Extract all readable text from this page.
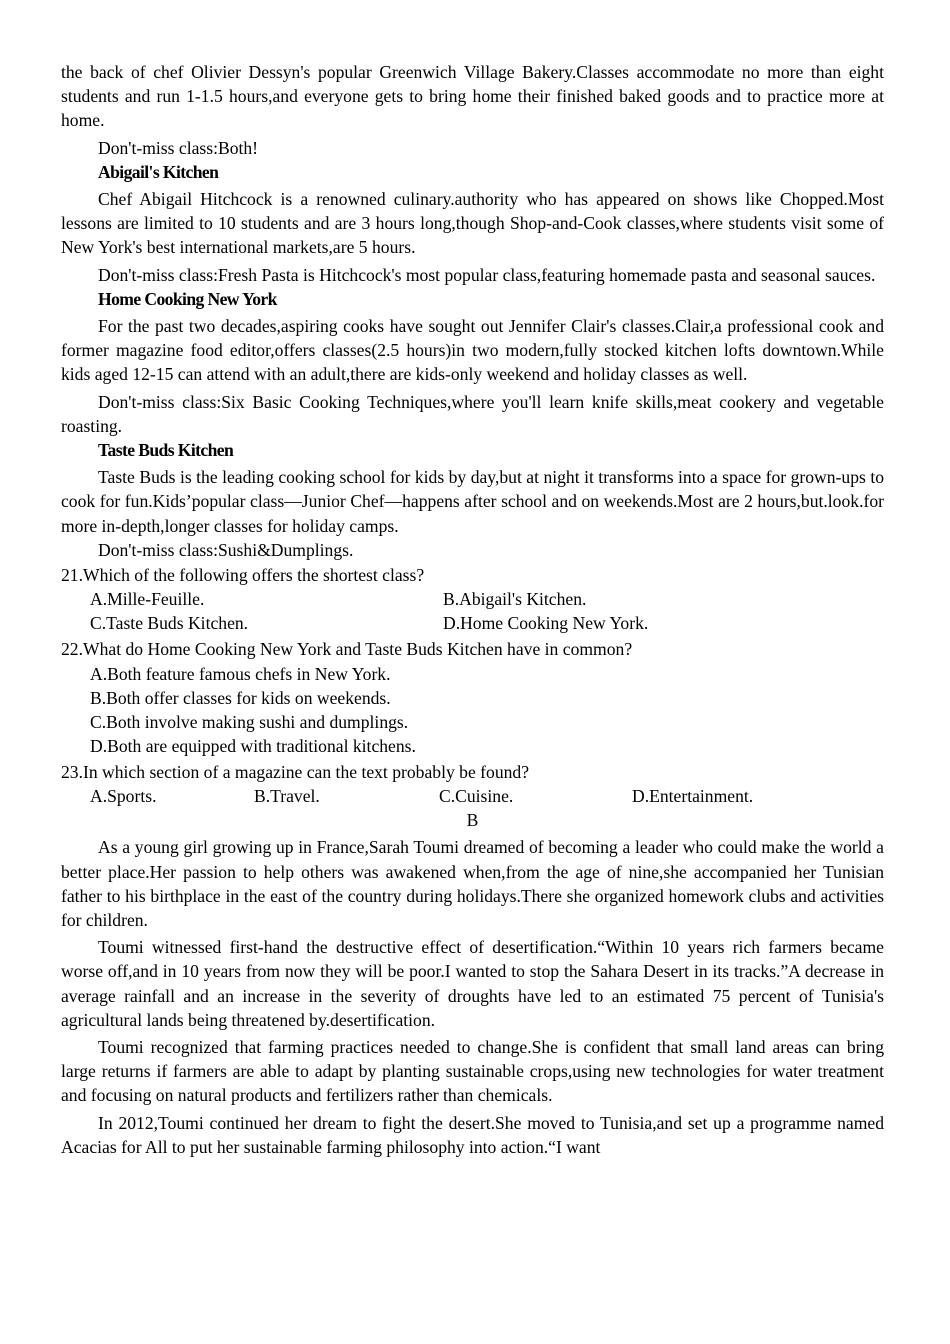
the back of chef Olivier Dessyn's popular Greenwich Village Bakery.Classes accommodate no more than eight students and run 1-1.5 hours,and everyone gets to bring home their finished baked goods and to practice more at home.

Don't-miss class:Both!

Abigail's Kitchen

Chef Abigail Hitchcock is a renowned culinary.authority who has appeared on shows like Chopped.Most lessons are limited to 10 students and are 3 hours long,though Shop-and-Cook classes,where students visit some of New York's best international markets,are 5 hours.

Don't-miss class:Fresh Pasta is Hitchcock's most popular class,featuring homemade pasta and seasonal sauces.

Home Cooking New York

For the past two decades,aspiring cooks have sought out Jennifer Clair's classes.Clair,a professional cook and former magazine food editor,offers classes(2.5 hours)in two modern,fully stocked kitchen lofts downtown.While kids aged 12-15 can attend with an adult,there are kids-only weekend and holiday classes as well.

Don't-miss class:Six Basic Cooking Techniques,where you'll learn knife skills,meat cookery and vegetable roasting.

Taste Buds Kitchen

Taste Buds is the leading cooking school for kids by day,but at night it transforms into a space for grown-ups to cook for fun.Kids’popular class—Junior Chef—happens after school and on weekends.Most are 2 hours,but.look.for more in-depth,longer classes for holiday camps.

Don't-miss class:Sushi&Dumplings.

21.Which of the following offers the shortest class?

A.Mille-Feuille.	B.Abigail's Kitchen.
C.Taste Buds Kitchen.	D.Home Cooking New York.

22.What do Home Cooking New York and Taste Buds Kitchen have in common?

A.Both feature famous chefs in New York.

B.Both offer classes for kids on weekends.

C.Both involve making sushi and dumplings.

D.Both are equipped with traditional kitchens.

23.In which section of a magazine can the text probably be found?

A.Sports.	B.Travel.	C.Cuisine.	D.Entertainment.

B

As a young girl growing up in France,Sarah Toumi dreamed of becoming a leader who could make the world a better place.Her passion to help others was awakened when,from the age of nine,she accompanied her Tunisian father to his birthplace in the east of the country during holidays.There she organized homework clubs and activities for children.

Toumi witnessed first-hand the destructive effect of desertification.“Within 10 years rich farmers became worse off,and in 10 years from now they will be poor.I wanted to stop the Sahara Desert in its tracks.”A decrease in average rainfall and an increase in the severity of droughts have led to an estimated 75 percent of Tunisia's agricultural lands being threatened by.desertification.

Toumi recognized that farming practices needed to change.She is confident that small land areas can bring large returns if farmers are able to adapt by planting sustainable crops,using new technologies for water treatment and focusing on natural products and fertilizers rather than chemicals.

In 2012,Toumi continued her dream to fight the desert.She moved to Tunisia,and set up a programme named Acacias for All to put her sustainable farming philosophy into action.“I want
